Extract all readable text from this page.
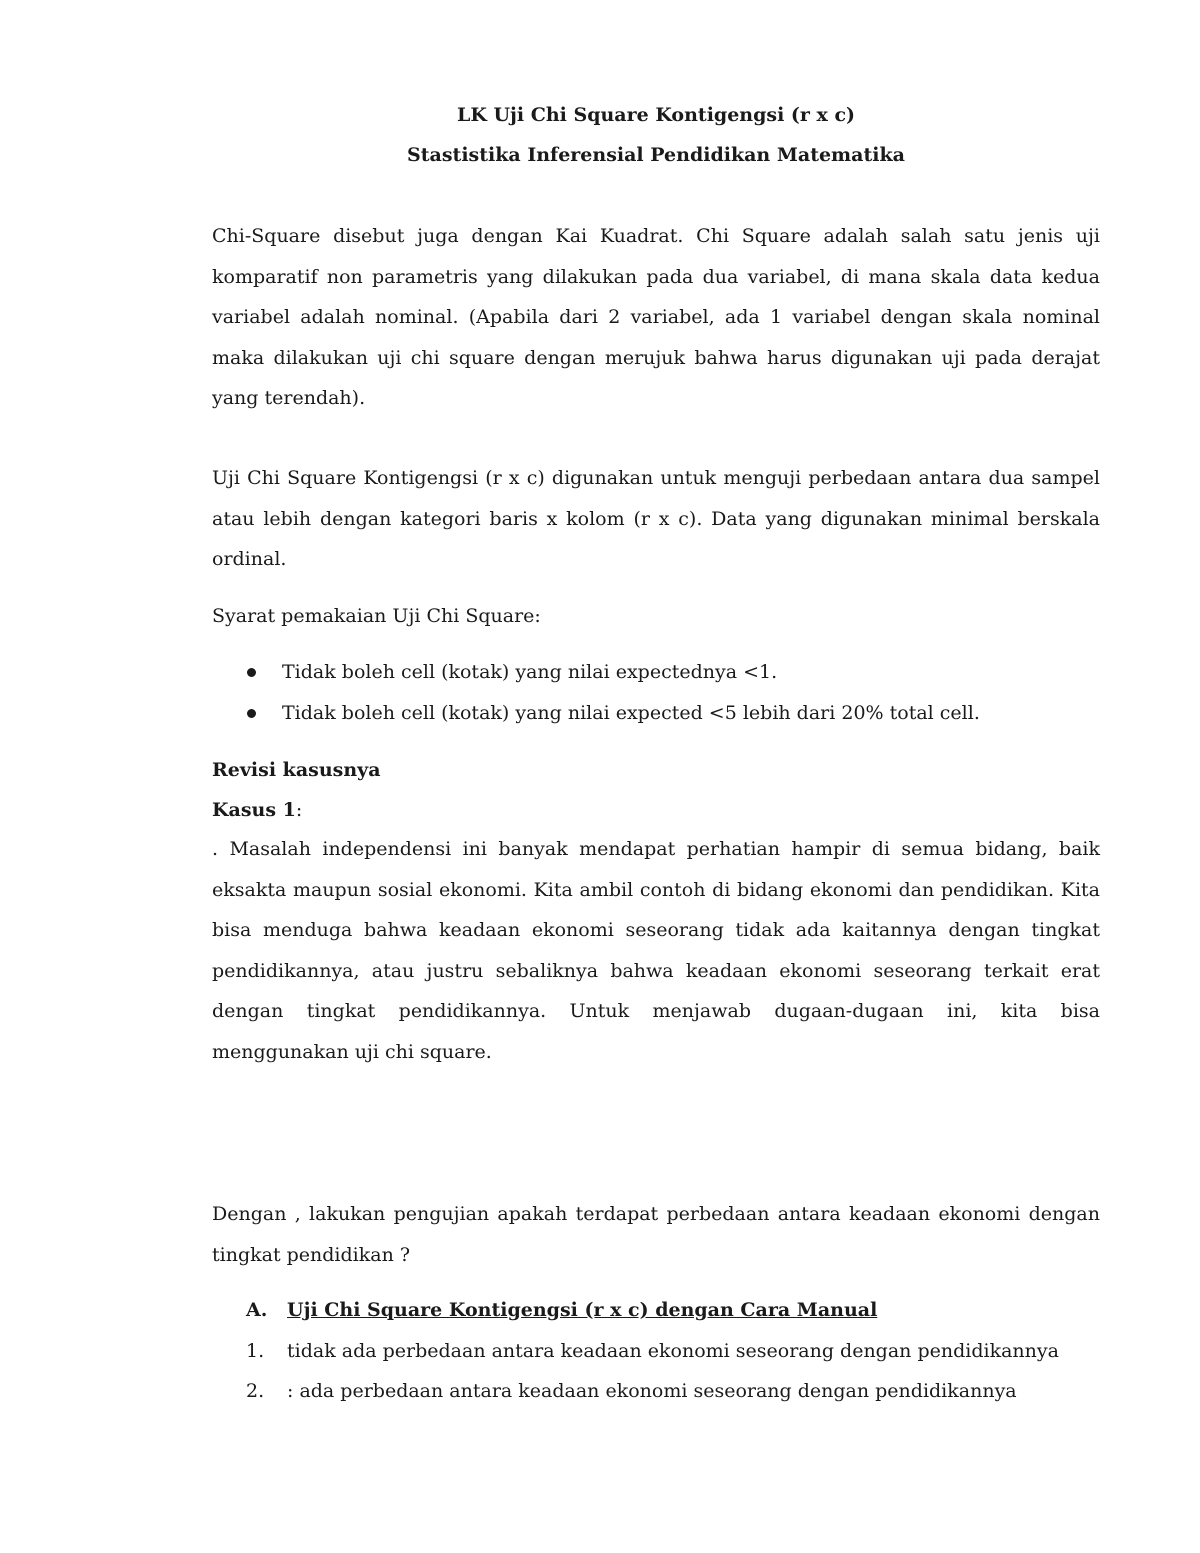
LK Uji Chi Square Kontigengsi (r x c)
Stastistika Inferensial Pendidikan Matematika
Chi-Square disebut juga dengan Kai Kuadrat. Chi Square adalah salah satu jenis uji komparatif non parametris yang dilakukan pada dua variabel, di mana skala data kedua variabel adalah nominal. (Apabila dari 2 variabel, ada 1 variabel dengan skala nominal maka dilakukan uji chi square dengan merujuk bahwa harus digunakan uji pada derajat yang terendah).
Uji Chi Square Kontigengsi (r x c) digunakan untuk menguji perbedaan antara dua sampel atau lebih dengan kategori baris x kolom (r x c). Data yang digunakan minimal berskala ordinal.
Syarat pemakaian Uji Chi Square:
Tidak boleh cell (kotak) yang nilai expectednya <1.
Tidak boleh cell (kotak) yang nilai expected <5 lebih dari 20% total cell.
Revisi kasusnya
Kasus 1:
. Masalah independensi ini banyak mendapat perhatian hampir di semua bidang, baik eksakta maupun sosial ekonomi. Kita ambil contoh di bidang ekonomi dan pendidikan. Kita bisa menduga bahwa keadaan ekonomi seseorang tidak ada kaitannya dengan tingkat pendidikannya, atau justru sebaliknya bahwa keadaan ekonomi seseorang terkait erat dengan tingkat pendidikannya. Untuk menjawab dugaan-dugaan ini, kita bisa menggunakan uji chi square.
Dengan , lakukan pengujian apakah terdapat perbedaan antara keadaan ekonomi dengan tingkat pendidikan ?
A. Uji Chi Square Kontigengsi (r x c) dengan Cara Manual
1. tidak ada perbedaan antara keadaan ekonomi seseorang dengan pendidikannya
2. : ada perbedaan antara keadaan ekonomi seseorang dengan pendidikannya
